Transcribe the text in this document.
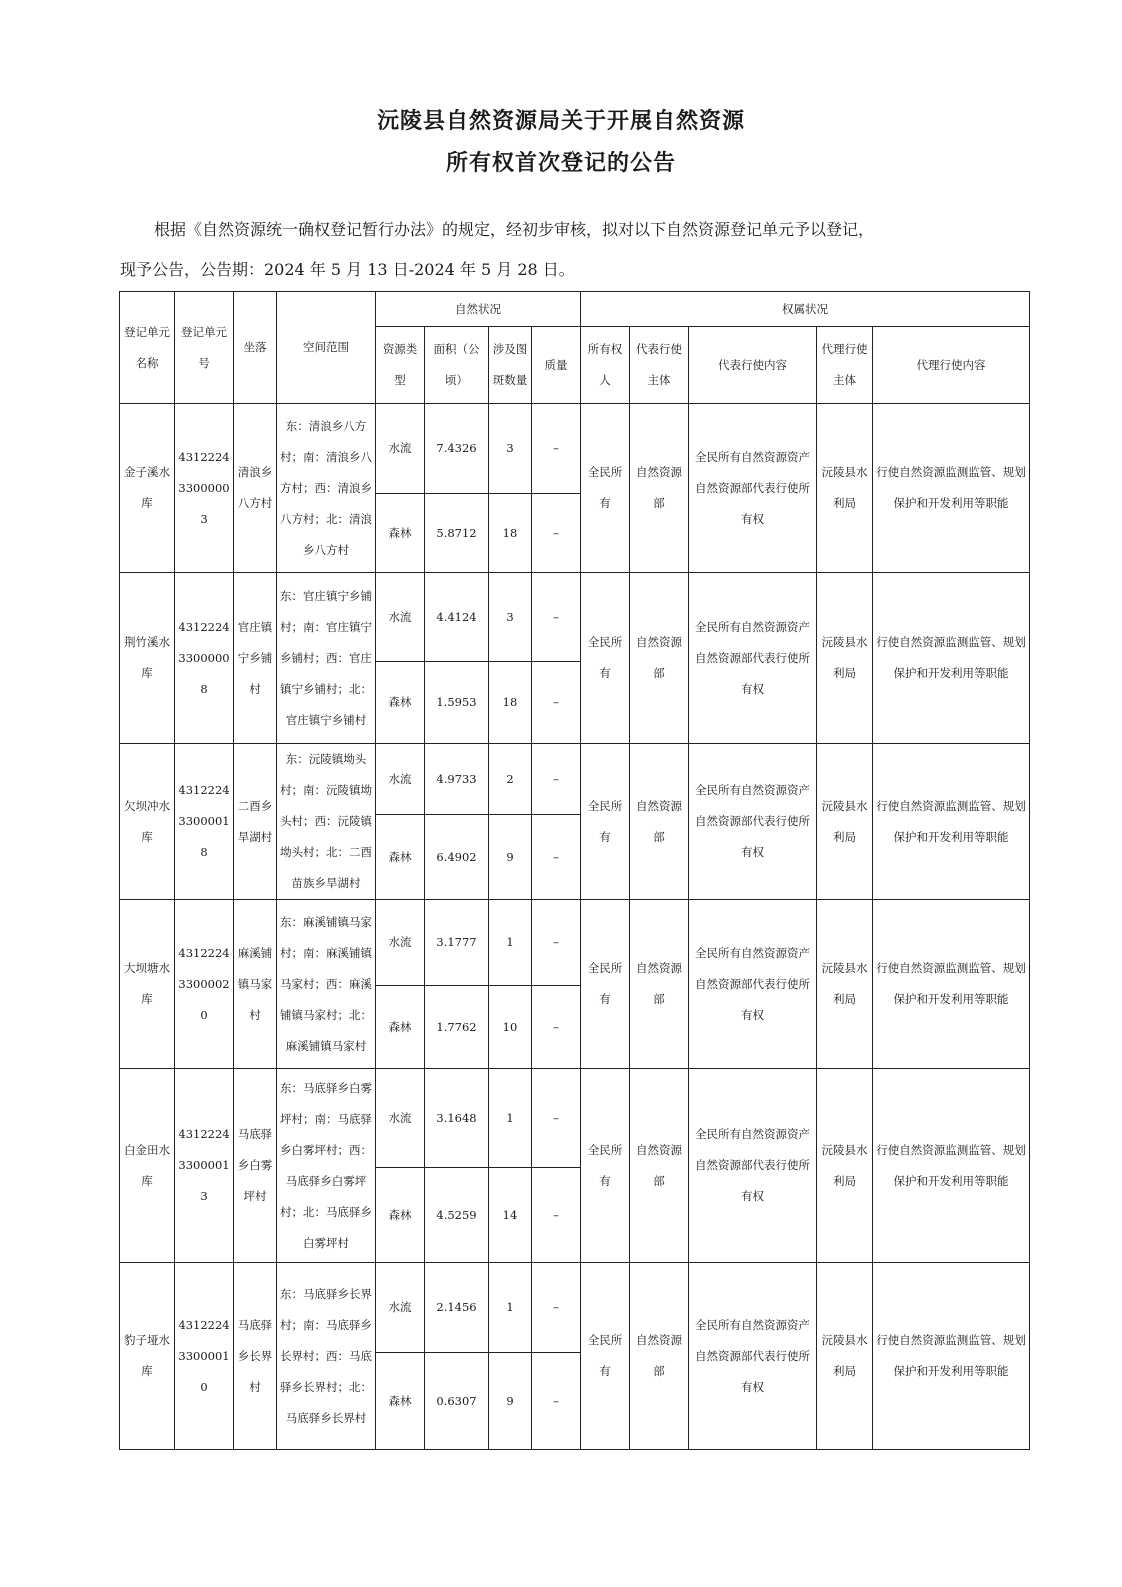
沅陵县自然资源局关于开展自然资源
所有权首次登记的公告
根据《自然资源统一确权登记暂行办法》的规定，经初步审核，拟对以下自然资源登记单元予以登记，
现予公告，公告期：2024 年 5 月 13 日-2024 年 5 月 28 日。
登记单元名称	登记单元号	坐落	空间范围	自然状况				权属状况				
				资源类型	面积（公顷）	涉及图斑数量	质量	所有权人	代表行使主体	代表行使内容	代理行使主体	代理行使内容
金子溪水库	431222433000003	清浪乡八方村	东：清浪乡八方村；南：清浪乡八方村；西：清浪乡八方村；北：清浪乡八方村	水流	7.4326	3	–	全民所有	自然资源部	全民所有自然资源资产自然资源部代表行使所有权	沅陵县水利局	行使自然资源监测监管、规划保护和开发利用等职能
				森林	5.8712	18	–					
荆竹溪水库	431222433000008	官庄镇宁乡铺村	东：官庄镇宁乡铺村；南：官庄镇宁乡铺村；西：官庄镇宁乡铺村；北：官庄镇宁乡铺村	水流	4.4124	3	–	全民所有	自然资源部	全民所有自然资源资产自然资源部代表行使所有权	沅陵县水利局	行使自然资源监测监管、规划保护和开发利用等职能
				森林	1.5953	18	–					
欠坝冲水库	431222433000018	二酉乡旱湖村	东：沅陵镇坳头村；南：沅陵镇坳头村；西：沅陵镇坳头村；北：二酉苗族乡旱湖村	水流	4.9733	2	–	全民所有	自然资源部	全民所有自然资源资产自然资源部代表行使所有权	沅陵县水利局	行使自然资源监测监管、规划保护和开发利用等职能
				森林	6.4902	9	–					
大坝塘水库	431222433000020	麻溪铺镇马家村	东：麻溪铺镇马家村；南：麻溪铺镇马家村；西：麻溪铺镇马家村；北：麻溪铺镇马家村	水流	3.1777	1	–	全民所有	自然资源部	全民所有自然资源资产自然资源部代表行使所有权	沅陵县水利局	行使自然资源监测监管、规划保护和开发利用等职能
				森林	1.7762	10	–					
白金田水库	431222433000013	马底驿乡白雾坪村	东：马底驿乡白雾坪村；南：马底驿乡白雾坪村；西：马底驿乡白雾坪村；北：马底驿乡白雾坪村	水流	3.1648	1	–	全民所有	自然资源部	全民所有自然资源资产自然资源部代表行使所有权	沅陵县水利局	行使自然资源监测监管、规划保护和开发利用等职能
				森林	4.5259	14	–					
豹子垭水库	431222433000010	马底驿乡长界村	东：马底驿乡长界村；南：马底驿乡长界村；西：马底驿乡长界村；北：马底驿乡长界村	水流	2.1456	1	–	全民所有	自然资源部	全民所有自然资源资产自然资源部代表行使所有权	沅陵县水利局	行使自然资源监测监管、规划保护和开发利用等职能
				森林	0.6307	9	–					
